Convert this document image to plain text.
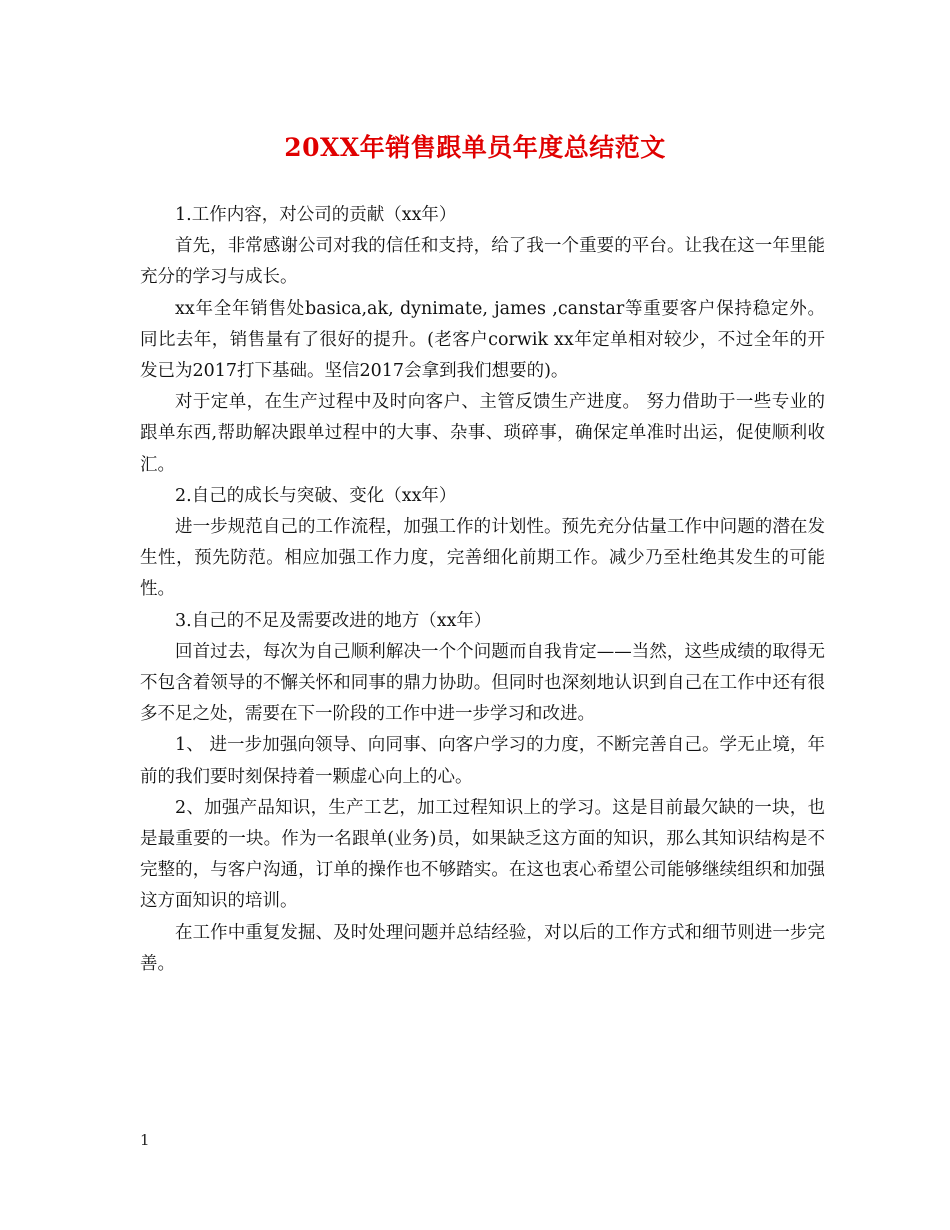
20XX年销售跟单员年度总结范文

1.工作内容，对公司的贡献（xx年）

首先，非常感谢公司对我的信任和支持，给了我一个重要的平台。让我在这一年里能充分的学习与成长。

xx年全年销售处basica,ak, dynimate, james ,canstar等重要客户保持稳定外。同比去年，销售量有了很好的提升。(老客户corwik xx年定单相对较少，不过全年的开发已为2017打下基础。坚信2017会拿到我们想要的)。

对于定单，在生产过程中及时向客户、主管反馈生产进度。 努力借助于一些专业的跟单东西,帮助解决跟单过程中的大事、杂事、琐碎事，确保定单准时出运，促使顺利收汇。

2.自己的成长与突破、变化（xx年）

进一步规范自己的工作流程，加强工作的计划性。预先充分估量工作中问题的潜在发生性，预先防范。相应加强工作力度，完善细化前期工作。减少乃至杜绝其发生的可能性。

3.自己的不足及需要改进的地方（xx年）

回首过去，每次为自己顺利解决一个个问题而自我肯定——当然，这些成绩的取得无不包含着领导的不懈关怀和同事的鼎力协助。但同时也深刻地认识到自己在工作中还有很多不足之处，需要在下一阶段的工作中进一步学习和改进。

1、 进一步加强向领导、向同事、向客户学习的力度，不断完善自己。学无止境，年前的我们要时刻保持着一颗虚心向上的心。

2、加强产品知识，生产工艺，加工过程知识上的学习。这是目前最欠缺的一块，也是最重要的一块。作为一名跟单(业务)员，如果缺乏这方面的知识，那么其知识结构是不完整的，与客户沟通，订单的操作也不够踏实。在这也衷心希望公司能够继续组织和加强这方面知识的培训。

在工作中重复发掘、及时处理问题并总结经验，对以后的工作方式和细节则进一步完善。

1
